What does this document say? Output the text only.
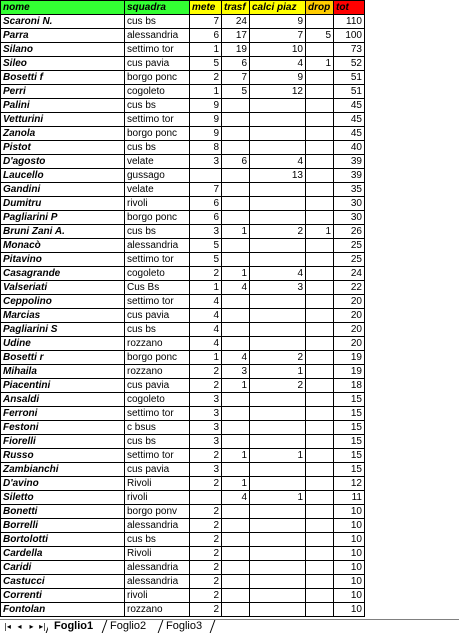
nome	squadra	mete	trasf	calci piaz	drop	tot
Scaroni N.	cus bs	7	24	9		110
Parra	alessandria	6	17	7	5	100
Silano	settimo tor	1	19	10		73
Sileo	cus pavia	5	6	4	1	52
Bosetti f	borgo ponc	2	7	9		51
Perri	cogoleto	1	5	12		51
Palini	cus bs	9				45
Vetturini	settimo tor	9				45
Zanola	borgo ponc	9				45
Pistot	cus bs	8				40
D'agosto	velate	3	6	4		39
Laucello	gussago			13		39
Gandini	velate	7				35
Dumitru	rivoli	6				30
Pagliarini P	borgo ponc	6				30
Bruni Zani A.	cus bs	3	1	2	1	26
Monacò	alessandria	5				25
Pitavino	settimo tor	5				25
Casagrande	cogoleto	2	1	4		24
Valseriati	Cus Bs	1	4	3		22
Ceppolino	settimo tor	4				20
Marcias	cus pavia	4				20
Pagliarini S	cus bs	4				20
Udine	rozzano	4				20
Bosetti r	borgo ponc	1	4	2		19
Mihaila	rozzano	2	3	1		19
Piacentini	cus pavia	2	1	2		18
Ansaldi	cogoleto	3				15
Ferroni	settimo tor	3				15
Festoni	c bsus	3				15
Fiorelli	cus bs	3				15
Russo	settimo tor	2	1	1		15
Zambianchi	cus pavia	3				15
D'avino	Rivoli	2	1			12
Siletto	rivoli		4	1		11
Bonetti	borgo ponv	2				10
Borrelli	alessandria	2				10
Bortolotti	cus bs	2				10
Cardella	Rivoli	2				10
Caridi	alessandria	2				10
Castucci	alessandria	2				10
Correnti	rivoli	2				10
Fontolan	rozzano	2				10
|◂ ◂ ▸ ▸| Foglio1	Foglio2	Foglio3
